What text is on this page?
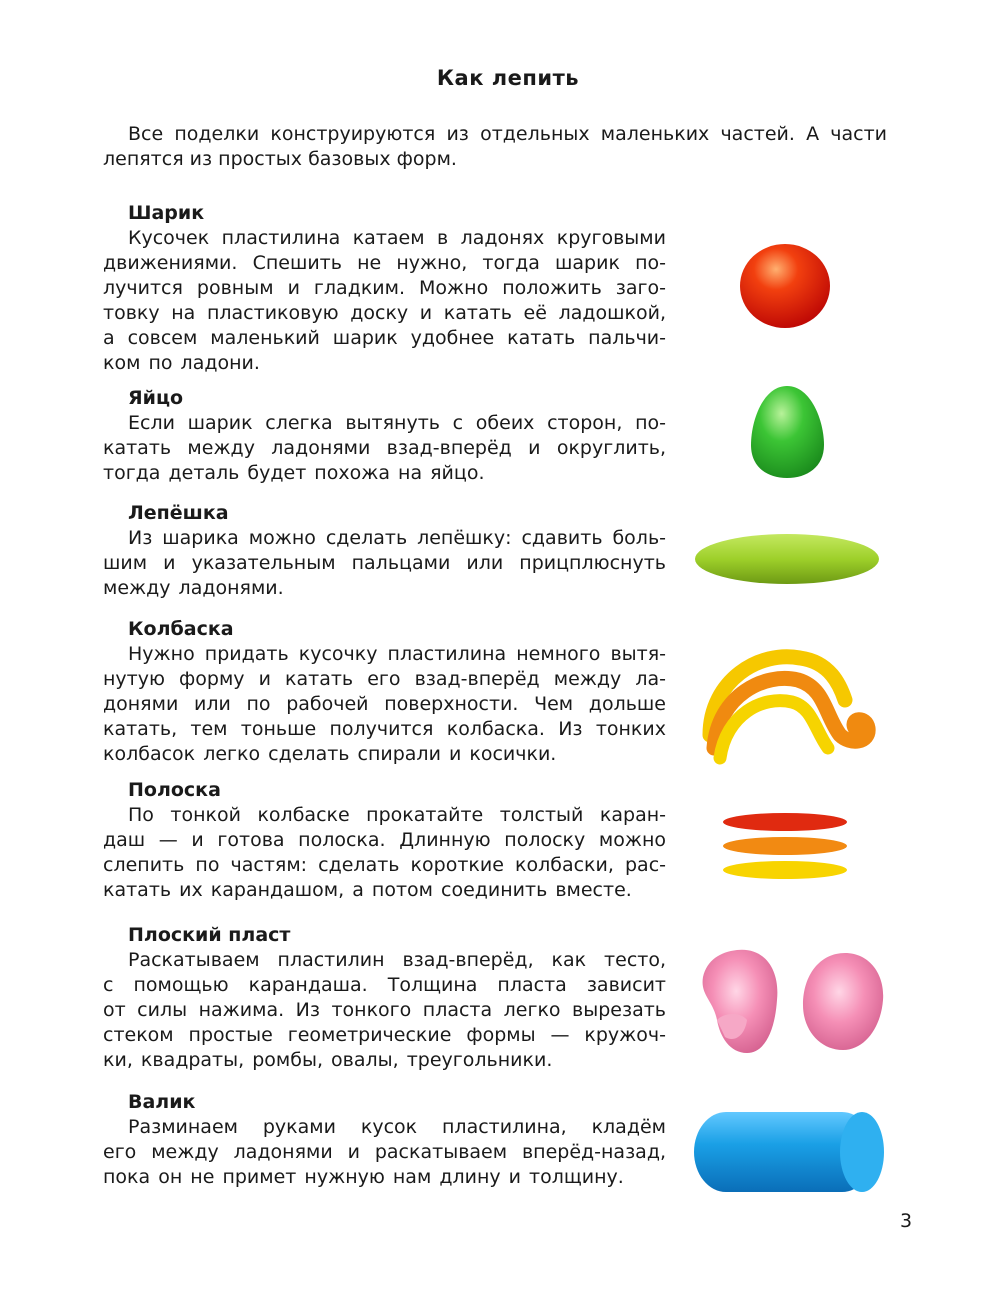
Как лепить

Все поделки конструируются из отдельных маленьких частей. А части
лепятся из простых базовых форм.

Шарик

Кусочек пластилина катаем в ладонях круговыми
движениями. Спешить не нужно, тогда шарик по-
лучится ровным и гладким. Можно положить заго-
товку на пластиковую доску и катать её ладошкой,
а совсем маленький шарик удобнее катать пальчи-
ком по ладони.

Яйцо

Если шарик слегка вытянуть с обеих сторон, по-
катать между ладонями взад-вперёд и округлить,
тогда деталь будет похожа на яйцо.

Лепёшка

Из шарика можно сделать лепёшку: сдавить боль-
шим и указательным пальцами или прицплюснуть
между ладонями.

Колбаска

Нужно придать кусочку пластилина немного вытя-
нутую форму и катать его взад-вперёд между ла-
донями или по рабочей поверхности. Чем дольше
катать, тем тоньше получится колбаска. Из тонких
колбасок легко сделать спирали и косички.

Полоска

По тонкой колбаске прокатайте толстый каран-
даш — и готова полоска. Длинную полоску можно
слепить по частям: сделать короткие колбаски, рас-
катать их карандашом, а потом соединить вместе.

Плоский пласт

Раскатываем пластилин взад-вперёд, как тесто,
с помощью карандаша. Толщина пласта зависит
от силы нажима. Из тонкого пласта легко вырезать
стеком простые геометрические формы — кружоч-
ки, квадраты, ромбы, овалы, треугольники.

Валик

Разминаем руками кусок пластилина, кладём
его между ладонями и раскатываем вперёд-назад,
пока он не примет нужную нам длину и толщину.

3
